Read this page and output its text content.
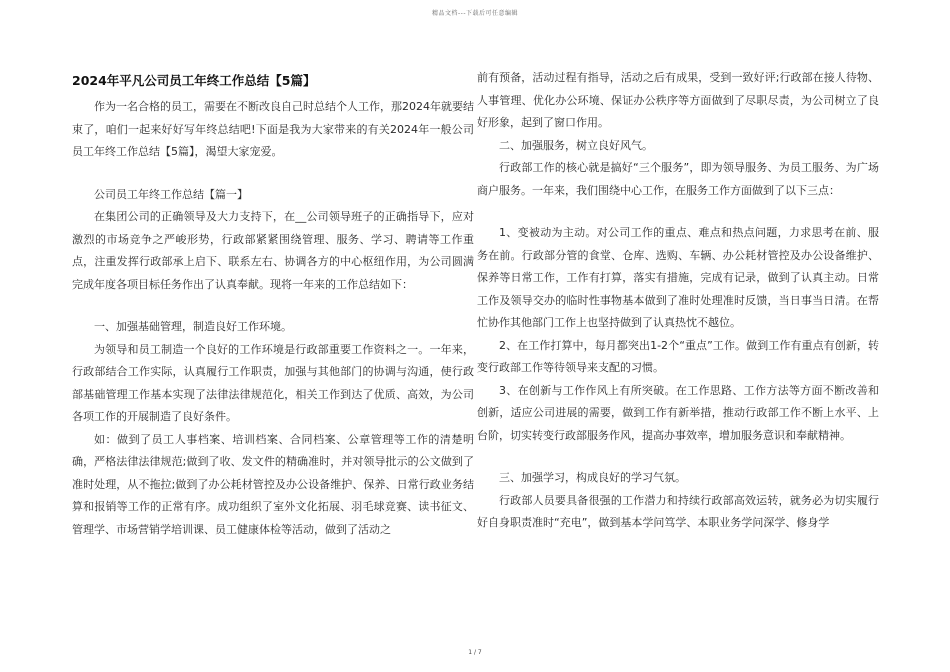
精品文档---下载后可任意编辑

2024年平凡公司员工年终工作总结【5篇】

作为一名合格的员工，需要在不断改良自己时总结个人工作，那2024年就要结束了，咱们一起来好好写年终总结吧!下面是我为大家带来的有关2024年一般公司员工年终工作总结【5篇】，渴望大家宠爱。

公司员工年终工作总结【篇一】

在集团公司的正确领导及大力支持下，在__公司领导班子的正确指导下，应对激烈的市场竞争之严峻形势，行政部紧紧围绕管理、服务、学习、聘请等工作重点，注重发挥行政部承上启下、联系左右、协调各方的中心枢纽作用，为公司圆满完成年度各项目标任务作出了认真奉献。现将一年来的工作总结如下：

一、加强基础管理，制造良好工作环境。

为领导和员工制造一个良好的工作环境是行政部重要工作资料之一。一年来，行政部结合工作实际，认真履行工作职责，加强与其他部门的协调与沟通，使行政部基础管理工作基本实现了法律法律规范化，相关工作到达了优质、高效，为公司各项工作的开展制造了良好条件。

如：做到了员工人事档案、培训档案、合同档案、公章管理等工作的清楚明确，严格法律法律规范;做到了收、发文件的精确准时，并对领导批示的公文做到了准时处理，从不拖拉;做到了办公耗材管控及办公设备维护、保养、日常行政业务结算和报销等工作的正常有序。成功组织了室外文化拓展、羽毛球竞赛、读书征文、管理学、市场营销学培训课、员工健康体检等活动，做到了活动之

前有预备，活动过程有指导，活动之后有成果，受到一致好评;行政部在接人待物、人事管理、优化办公环境、保证办公秩序等方面做到了尽职尽责，为公司树立了良好形象，起到了窗口作用。

二、加强服务，树立良好风气。

行政部工作的核心就是搞好“三个服务”，即为领导服务、为员工服务、为广场商户服务。一年来，我们围绕中心工作，在服务工作方面做到了以下三点：

1、变被动为主动。对公司工作的重点、难点和热点问题，力求思考在前、服务在前。行政部分管的食堂、仓库、选购、车辆、办公耗材管控及办公设备维护、保养等日常工作，工作有打算，落实有措施，完成有记录，做到了认真主动。日常工作及领导交办的临时性事物基本做到了准时处理准时反馈，当日事当日清。在帮忙协作其他部门工作上也坚持做到了认真热忱不越位。

2、在工作打算中，每月都突出1-2个“重点”工作。做到工作有重点有创新，转变行政部工作等待领导来支配的习惯。

3、在创新与工作作风上有所突破。在工作思路、工作方法等方面不断改善和创新，适应公司进展的需要，做到工作有新举措，推动行政部工作不断上水平、上台阶，切实转变行政部服务作风，提高办事效率，增加服务意识和奉献精神。

三、加强学习，构成良好的学习气氛。

行政部人员要具备很强的工作潜力和持续行政部高效运转，就务必为切实履行好自身职责准时“充电”，做到基本学问笃学、本职业务学问深学、修身学

1 / 7
